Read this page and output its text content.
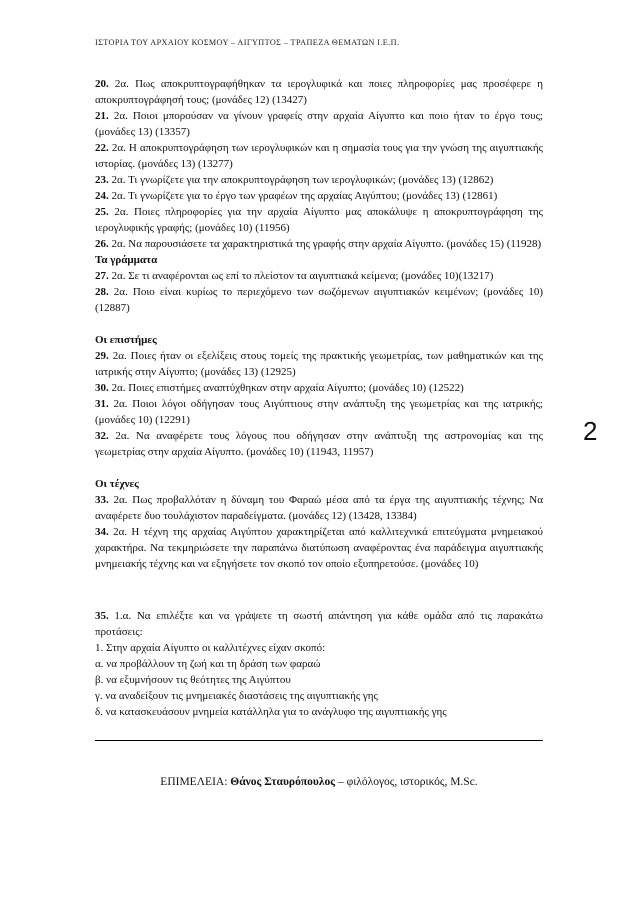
ΙΣΤΟΡΙΑ ΤΟΥ ΑΡΧΑΙΟΥ ΚΟΣΜΟΥ – ΑΙΓΥΠΤΟΣ – ΤΡΑΠΕΖΑ ΘΕΜΑΤΩΝ Ι.Ε.Π.

20. 2α. Πως αποκρυπτογραφήθηκαν τα ιερογλυφικά και ποιες πληροφορίες μας προσέφερε η αποκρυπτογράφησή τους; (μονάδες 12) (13427)

21. 2α. Ποιοι μπορούσαν να γίνουν γραφείς στην αρχαία Αίγυπτο και ποιο ήταν το έργο τους; (μονάδες 13) (13357)

22. 2α. Η αποκρυπτογράφηση των ιερογλυφικών και η σημασία τους για την γνώση της αιγυπτιακής ιστορίας. (μονάδες 13) (13277)

23. 2α. Τι γνωρίζετε για την αποκρυπτογράφηση των ιερογλυφικών; (μονάδες 13) (12862)

24. 2α. Τι γνωρίζετε για το έργο των γραφέων της αρχαίας Αιγύπτου; (μονάδες 13) (12861)

25. 2α. Ποιες πληροφορίες για την αρχαία Αίγυπτο μας αποκάλυψε η αποκρυπτογράφηση της ιερογλυφικής γραφής; (μονάδες 10) (11956)

26. 2α. Να παρουσιάσετε τα χαρακτηριστικά της γραφής στην αρχαία Αίγυπτο. (μονάδες 15) (11928)

Τα γράμματα

27. 2α. Σε τι αναφέρονται ως επί το πλείστον τα αιγυπτιακά κείμενα; (μονάδες 10)(13217)

28. 2α. Ποιο είναι κυρίως το περιεχόμενο των σωζόμενων αιγυπτιακών κειμένων; (μονάδες 10) (12887)

Οι επιστήμες

29. 2α. Ποιες ήταν οι εξελίξεις στους τομείς της πρακτικής γεωμετρίας, των μαθηματικών και της ιατρικής στην Αίγυπτο; (μονάδες 13) (12925)

30. 2α. Ποιες επιστήμες αναπτύχθηκαν στην αρχαία Αίγυπτο; (μονάδες 10) (12522)

31. 2α. Ποιοι λόγοι οδήγησαν τους Αιγύπτιους στην ανάπτυξη της γεωμετρίας και της ιατρικής; (μονάδες 10) (12291)

32. 2α. Να αναφέρετε τους λόγους που οδήγησαν στην ανάπτυξη της αστρονομίας και της γεωμετρίας στην αρχαία Αίγυπτο. (μονάδες 10) (11943, 11957)

Οι τέχνες

33. 2α. Πως προβαλλόταν η δύναμη του Φαραώ μέσα από τα έργα της αιγυπτιακής τέχνης; Να αναφέρετε δυο τουλάχιστον παραδείγματα. (μονάδες 12) (13428, 13384)

34. 2α. Η τέχνη της αρχαίας Αιγύπτου χαρακτηρίζεται από καλλιτεχνικά επιτεύγματα μνημειακού χαρακτήρα. Να τεκμηριώσετε την παραπάνω διατύπωση αναφέροντας ένα παράδειγμα αιγυπτιακής μνημειακής τέχνης και να εξηγήσετε τον σκοπό τον οποίο εξυπηρετούσε. (μονάδες 10)

35. 1.α. Να επιλέξτε και να γράψετε τη σωστή απάντηση για κάθε ομάδα από τις παρακάτω προτάσεις:

1. Στην αρχαία Αίγυπτο οι καλλιτέχνες είχαν σκοπό:

α. να προβάλλουν τη ζωή και τη δράση των φαραώ

β. να εξυμνήσουν τις θεότητες της Αιγύπτου

γ. να αναδείξουν τις μνημειακές διαστάσεις της αιγυπτιακής γης

δ. να κατασκευάσουν μνημεία κατάλληλα για το ανάγλυφο της αιγυπτιακής γης

2
ΕΠΙΜΕΛΕΙΑ: Θάνος Σταυρόπουλος – φιλόλογος, ιστορικός, M.Sc.
